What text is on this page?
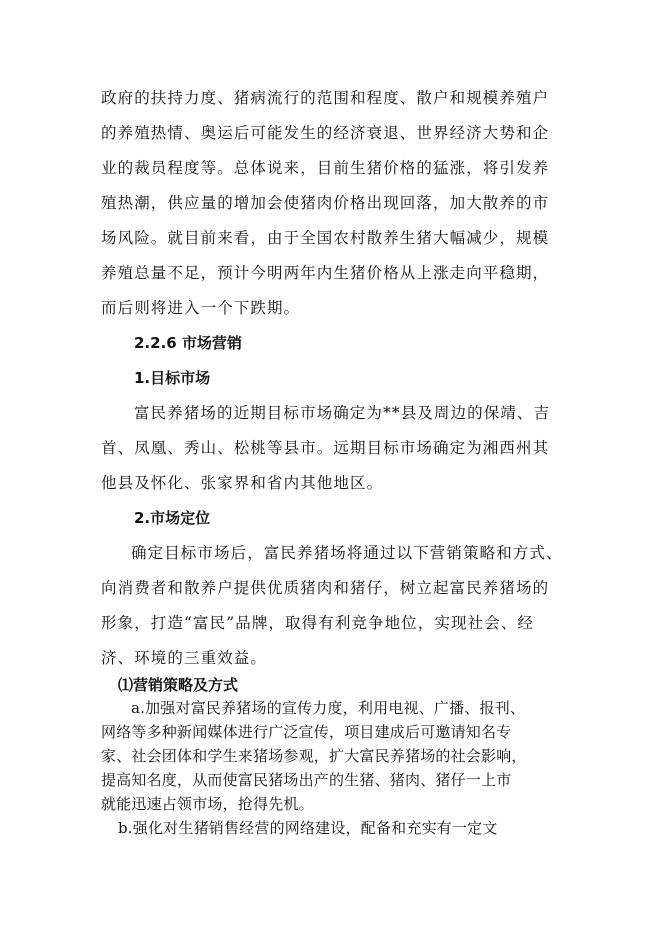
政府的扶持力度、猪病流行的范围和程度、散户和规模养殖户
的养殖热情、奥运后可能发生的经济衰退、世界经济大势和企
业的裁员程度等。总体说来，目前生猪价格的猛涨，将引发养
殖热潮，供应量的增加会使猪肉价格出现回落，加大散养的市
场风险。就目前来看，由于全国农村散养生猪大幅减少，规模
养殖总量不足，预计今明两年内生猪价格从上涨走向平稳期，
而后则将进入一个下跌期。
2.2.6 市场营销
1.目标市场
富民养猪场的近期目标市场确定为**县及周边的保靖、吉
首、凤凰、秀山、松桃等县市。远期目标市场确定为湘西州其
他县及怀化、张家界和省内其他地区。
2.市场定位
确定目标市场后，富民养猪场将通过以下营销策略和方式、
向消费者和散养户提供优质猪肉和猪仔，树立起富民养猪场的
形象，打造“富民”品牌，取得有利竞争地位，实现社会、经
济、环境的三重效益。
⑴营销策略及方式
a.加强对富民养猪场的宣传力度，利用电视、广播、报刊、
网络等多种新闻媒体进行广泛宣传，项目建成后可邀请知名专
家、社会团体和学生来猪场参观，扩大富民养猪场的社会影响，
提高知名度，从而使富民猪场出产的生猪、猪肉、猪仔一上市
就能迅速占领市场，抢得先机。
b.强化对生猪销售经营的网络建设，配备和充实有一定文
